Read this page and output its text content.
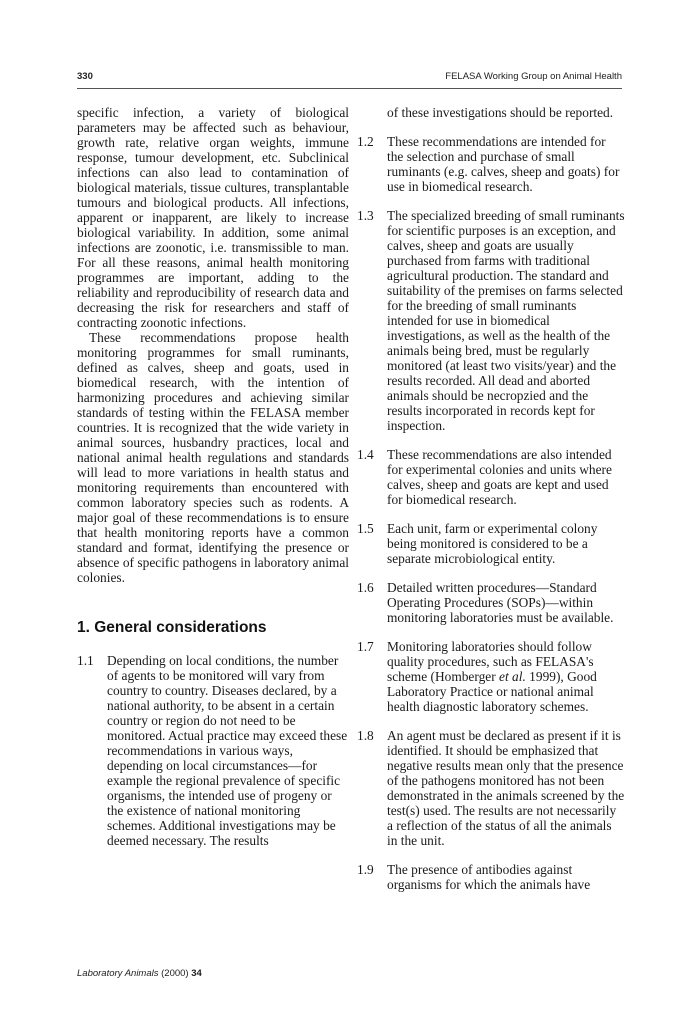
330	FELASA Working Group on Animal Health

specific infection, a variety of biological parameters may be affected such as behaviour, growth rate, relative organ weights, immune response, tumour development, etc. Subclinical infections can also lead to contamination of biological materials, tissue cultures, transplantable tumours and biological products. All infections, apparent or inapparent, are likely to increase biological variability. In addition, some animal infections are zoonotic, i.e. transmissible to man. For all these reasons, animal health monitoring programmes are important, adding to the reliability and reproducibility of research data and decreasing the risk for researchers and staff of contracting zoonotic infections.

These recommendations propose health monitoring programmes for small ruminants, defined as calves, sheep and goats, used in biomedical research, with the intention of harmonizing procedures and achieving similar standards of testing within the FELASA member countries. It is recognized that the wide variety in animal sources, husbandry practices, local and national animal health regulations and standards will lead to more variations in health status and monitoring requirements than encountered with common laboratory species such as rodents. A major goal of these recommendations is to ensure that health monitoring reports have a common standard and format, identifying the presence or absence of specific pathogens in laboratory animal colonies.

1. General considerations
1.1 Depending on local conditions, the number of agents to be monitored will vary from country to country. Diseases declared, by a national authority, to be absent in a certain country or region do not need to be monitored. Actual practice may exceed these recommendations in various ways, depending on local circumstances—for example the regional prevalence of specific organisms, the intended use of progeny or the existence of national monitoring schemes. Additional investigations may be deemed necessary. The results
of these investigations should be reported.
1.2 These recommendations are intended for the selection and purchase of small ruminants (e.g. calves, sheep and goats) for use in biomedical research.
1.3 The specialized breeding of small ruminants for scientific purposes is an exception, and calves, sheep and goats are usually purchased from farms with traditional agricultural production. The standard and suitability of the premises on farms selected for the breeding of small ruminants intended for use in biomedical investigations, as well as the health of the animals being bred, must be regularly monitored (at least two visits/year) and the results recorded. All dead and aborted animals should be necropzied and the results incorporated in records kept for inspection.
1.4 These recommendations are also intended for experimental colonies and units where calves, sheep and goats are kept and used for biomedical research.
1.5 Each unit, farm or experimental colony being monitored is considered to be a separate microbiological entity.
1.6 Detailed written procedures—Standard Operating Procedures (SOPs)—within monitoring laboratories must be available.
1.7 Monitoring laboratories should follow quality procedures, such as FELASA's scheme (Homberger et al. 1999), Good Laboratory Practice or national animal health diagnostic laboratory schemes.
1.8 An agent must be declared as present if it is identified. It should be emphasized that negative results mean only that the presence of the pathogens monitored has not been demonstrated in the animals screened by the test(s) used. The results are not necessarily a reflection of the status of all the animals in the unit.
1.9 The presence of antibodies against organisms for which the animals have
Laboratory Animals (2000) 34
